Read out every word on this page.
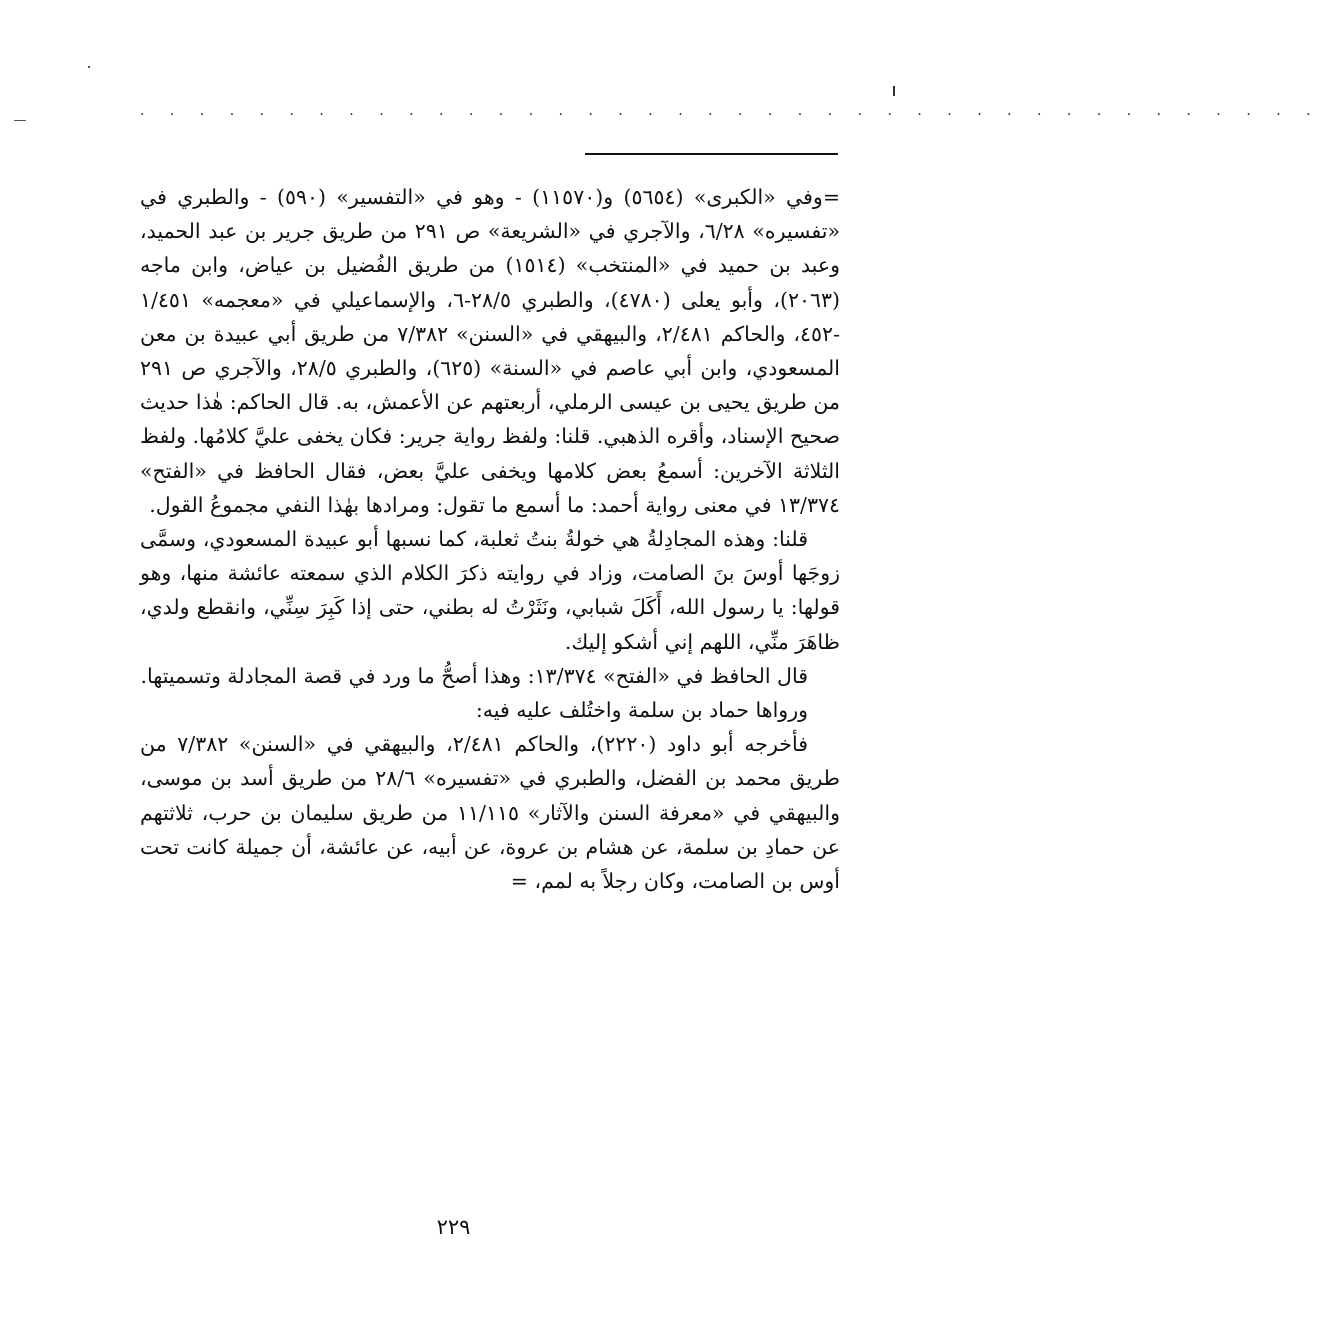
· · · · · · · · · · · · · · · · · · · · · · · · · · · · · · · · · · · · · · · ·

=وفي «الكبرى» (٥٦٥٤) و(١١٥٧٠) - وهو في «التفسير» (٥٩٠) - والطبري في «تفسيره» ٦/٢٨، والآجري في «الشريعة» ص ٢٩١ من طريق جرير بن عبد الحميد، وعبد بن حميد في «المنتخب» (١٥١٤) من طريق الفُضيل بن عياض، وابن ماجه (٢٠٦٣)، وأبو يعلى (٤٧٨٠)، والطبري ٢٨/٥-٦، والإسماعيلي في «معجمه» ١/٤٥١ -٤٥٢، والحاكم ٢/٤٨١، والبيهقي في «السنن» ٧/٣٨٢ من طريق أبي عبيدة بن معن المسعودي، وابن أبي عاصم في «السنة» (٦٢٥)، والطبري ٢٨/٥، والآجري ص ٢٩١ من طريق يحيى بن عيسى الرملي، أربعتهم عن الأعمش، به. قال الحاكم: هٰذا حديث صحيح الإسناد، وأقره الذهبي. قلنا: ولفظ رواية جرير: فكان يخفى عليَّ كلامُها. ولفظ الثلاثة الآخرين: أسمعُ بعض كلامها ويخفى عليَّ بعض، فقال الحافظ في «الفتح» ١٣/٣٧٤ في معنى رواية أحمد: ما أسمع ما تقول: ومرادها بهٰذا النفي مجموعُ القول.

قلنا: وهذه المجادِلةُ هي خولةُ بنتُ ثعلبة، كما نسبها أبو عبيدة المسعودي، وسمَّى زوجَها أوسَ بنَ الصامت، وزاد في روايته ذكرَ الكلام الذي سمعته عائشة منها، وهو قولها: يا رسول الله، أَكَلَ شبابي، ونَثَرْتُ له بطني، حتى إذا كَبِرَ سِنِّي، وانقطع ولدي، ظاهَرَ منِّي، اللهم إني أشكو إليك.

قال الحافظ في «الفتح» ١٣/٣٧٤: وهذا أصحُّ ما ورد في قصة المجادلة وتسميتها.

ورواها حماد بن سلمة واختُلف عليه فيه:

فأخرجه أبو داود (٢٢٢٠)، والحاكم ٢/٤٨١، والبيهقي في «السنن» ٧/٣٨٢ من طريق محمد بن الفضل، والطبري في «تفسيره» ٢٨/٦ من طريق أسد بن موسى، والبيهقي في «معرفة السنن والآثار» ١١/١١٥ من طريق سليمان بن حرب، ثلاثتهم عن حمادِ بن سلمة، عن هشام بن عروة، عن أبيه، عن عائشة، أن جميلة كانت تحت أوس بن الصامت، وكان رجلاً به لمم، =

٢٢٩
